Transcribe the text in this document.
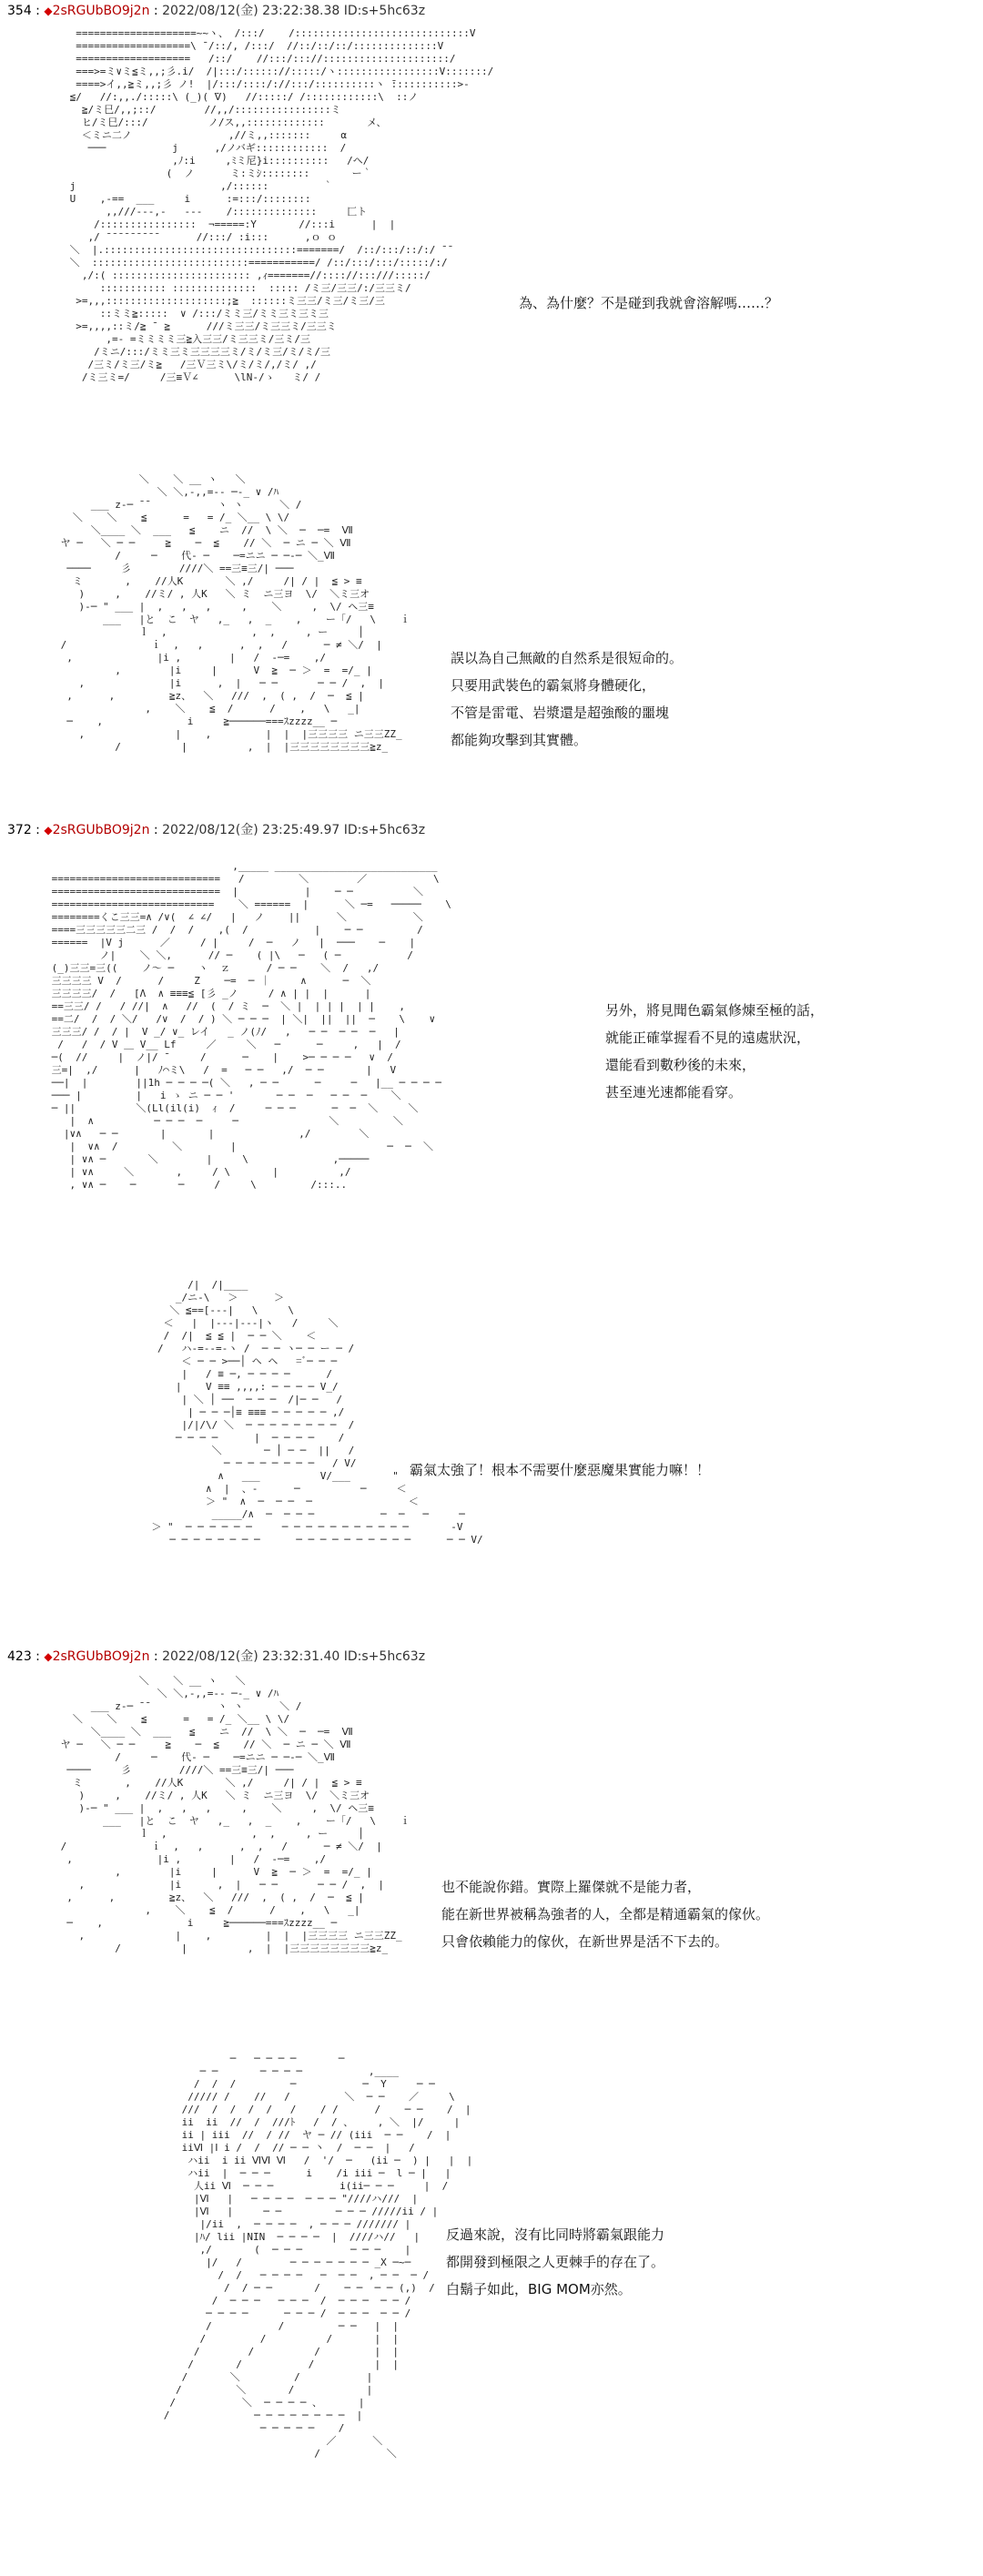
354 : ◆2sRGUbBO9j2n : 2022/08/12(金) 23:22:38.38 ID:s+5hc63z
====================~~ヽ、 /:::/    /:::::::::::::::::::::::::::::V
===================\ ̄ /::/, /:::/  //::/::/::/::::::::::::::V
===================   /::/    //:::/::://:::::::::::::::::::::/
===>=ミ∨ミ≦ミ,,;彡.i/  /|:::/:::::://:::::/ヽ:::::::::::::::::V:::::::/
====>イ,,≧ミ,,;彡 ノ!  |/:::/::::/://:::/::::::::::ヽ ̄:::::::::::>-
≦/   //:,,./:::::\ (_)( ̄Ⅴ)   //:::::/ /::::::::::::\  ::ノ
≧/ミ巳/,,;::/        //,,/::::::::::::::::ミ
ヒ/ミ巳/:::/          ノ/ス,,:::::::::::::       メ、
＜ミニ二ノ                ,//ミ,,:::::::     α
───           j      ,/ノバギ::::::::::::  /
,ﾉ:i     ,ﾐミ尼}i::::::::::   /ヘ/
(  ノ      ミ:ミｼ::::::::       ー｀
j                        ,/::::::         ｀
U    ,-==  ___     i      :=:::/::::::::
,,///---,-   ---    /::::::::::::::     匚ト
/::::::::::::::::  ¬=====:Y       //:::i      |  |
,/ ̄ ̄ ̄ ̄ ̄ ̄ ̄ ̄ ̄       //:::/ :i:::      ,ｏ ｏ
＼  |.::::::::::::::::::::::::::::::::=======/  /::/:::/::/:/ ̄ ̄
＼  ::::::::::::::::::::::::::===========/ /::/:::/:::/:::::/:/
,/:( ::::::::::::::::::::::: ,ｨ=======//:::://:::///:::::/
::::::::::: ::::::::::::::  ::::: /ミ三/三三/:/三三ミ/
>=,,,::::::::::::::::::::;≧  ::::::ミ三三/ミ三/ミ三/三
::ミミ≧:::::  ∨ /:::/ミミ三/ミミ三ミ三ミ三
>=,,,,::ミ/≧ ̄  ≧      ///ミ三三/ミ三三ミ/三三ミ
,=- =ミミミミ三≧入三三/ミ三三ミ/三ミ/三
/ミニ/:::/ミミ三ミ三三三三ミ/ミ/ミ三/ミ/ミ/三
/三ミ/ミ三/ミ≧   /三Ｖ三ミ\/ミ/ミ/,/ミ/ ,/
/ミ三ミ=/     /三≡Ｖ∠      \lN-/ゝ   ミ/ /
為、為什麼？不是碰到我就會溶解嗎……？
＼    ＼ __ ヽ   ＼
＼ ＼,-,,=-- ─-_ ∨ /ﾊ
___ z-─ ̄ ̄            ヽ ヽ      ＼ /
＼    ＼    ≦      =   = /_ ＼__ \ \/
＼____ ＼  ___   ≦    ニ  //  \ ＼  ─  ─=  Ⅶ
ヤ ─   ＼ ─ ─     ≧    ─  ≦    // ＼  ─ ニ ─ ＼ Ⅶ
/     ─    代‐ ─    ─=ニニ ─ ─‐─ ＼_Ⅶ
────     彡        ////＼ ==三≡三/| ───
ミ       ,    //人K       ＼ ,/     /| / |  ≦ > ≡
)     ,    //ミ/ , 人K   ＼ ミ  ニ三ヨ  \/  ＼ミ三オ
)-─ " ___ |  ,   ,   ,     ,    ＼     ,  \/ ヘ三≡
___   |と  こ  ヤ   ,_   ,  _    ,    ー「/   \    ｉ
ｌ  ,              ,  ,     , ー     │
/              ｉ  ,   ,      ,  ,   /      ─ ≠ ＼/  |
,              |i ,        |   /  -─=    ,/
,        |i     |      V  ≧  ─ ＞  =  =/_ |
,              |i      ,  |   ─ ─ 　    ─ ─ /  ,  |
,      ,         ≧z、  ＼   ///  ,  ( ,  /  ─  ≦ |
,    ＼    ≦  /      /    ,   \   _|
─    ,              i     ≧──────===ｽzzzz__ ─
,               |    ,         |  |  |三三三三 ニ三三ZZ_
/          |          ,  |  |三三三三三三三三≧z_
誤以為自己無敵的自然系是很短命的。
只要用武裝色的霸氣將身體硬化，
不管是雷電、岩漿還是超強酸的噩塊
都能夠攻擊到其實體。
372 : ◆2sRGUbBO9j2n : 2022/08/12(金) 23:25:49.97 ID:s+5hc63z
,_____ ___________________________
============================   /         ＼        ／           \
============================  |           |    ─ ─          ＼
===========================    ＼ ======  |      ＼ ─=   ─────    \
========くこ三三=∧ /∨(  ∠ ∠/   |   ノ    ||      ＼           ＼
====三三三三三二三 /  /  /    ,(  /           |    ─ ─         /
======  |V j      ／     / |     /  ─   ノ   |  ───    ─    |
ノ|    ＼ ＼,      // ─    ( |\   ─   ( ─           /
(_)三三=三((    ノ〜 ─    ヽ  ｚ      / ─ ─    ＼  /   ,/
三三三三 V  /      /     Z    ─=  ─ ｜     ∧      ─  ＼
三三三三/  /   [Λ  ∧ ≡≡≡≦ [彡 _ノ     / ∧ | |  |      |
==三三/ /   / //|  ∧   //  (  / ミ  ─  ＼ |  | | |  | |    ,
==二/  /  / ＼/   /∨  /  / ) ＼ ─ ─ ─  | ＼|  ||  ||  ─    \    ∨
三三三/ /  / |  V _/ ∨_ レイ   _ ノ(ﾉ/   ,   ─ ─  ─ ─  ─   |
/   /  / V ＿ V__ Lf     ／     ＼   ─      ─     ,   |  /
─(  //     |  ノ|/ ̄      /      ─    |    >─ ─ ─ ─   ∨  /
三=|  ,/      |   ﾉ⌒ミ\   /  =   ─ ─   ,/  ─ ─       |   V
──|  |        ||1h ─ ─ ─ ─( ＼   , ─ ─      ─     ─   |__ ─ ─ ─ ─
─── |         |   i ゝ ニ ─ ─ '       ─ ─  ─   ─ ─  ─    ＼
─ ||          ＼(Ll(il(i)  ｨ  /     ─ ─ ─      ─  ─  ＼     ＼
|  ∧          ─ ─ ─  ─     ─               ＼         ＼
|∨∧   ─ ─       |       |              ,/        ＼
|  ∨∧  /         ＼        |                         ─  ─  ＼
| ∨∧ ─       ＼        |     \              ,─────
| ∨∧     ＼       ,     / \       |          ,/
, ∨∧ ─    ─       ─     /     \         /:::..
另外，將見聞色霸氣修煉至極的話，
就能正確掌握看不見的遠處狀況，
還能看到數秒後的未來，
甚至連光速都能看穿。
/|  /|____
_/ニ-\   ＞      ＞
＼ ≦==[---|   \     \
＜   |  |---|---|ヽ   /     ＼
/  /|  ≦ ≦ |  ─ ─ ＼    ＜
/   ハ-=--=-ヽ /  ─ ─ ヽ─ ─ ー ─ /
＜ ─ ─ >──│ ヘ ヘ   =ﾞ─ ─ ─
|   / ≡ ─, ─ ─ ─ ─      /
|    V ≡≡ ,,,,: ─ ─ ─ ─ V_/
| ＼ │ ──  ─ ─ ─  /|─ ─   /
| ─ ─ ─│≡ ≡≡≡ ─ ─ ─ ─ ─ ,/
|/|/\/ ＼  ─ ─ ─ ─ ─ ─ ─ ─  /
─ ─ ─ ─      |  ─ ─ ─ ─    /
＼       ─ │ ─ ─  ||   /
─ ─ ─ ─ ─ ─ ─ ─   / V/
∧   ___          V/___       "
∧  |  、-      ─          ─     ＜
＞ "  ∧  ─  ─ ─  ─                ＜
_____/∧  ─  ─ ─ ─           ─  ─   ─     ─
＞ "  ─ ─ ─ ─ ─ ─     ─ ─ ─ ─ ─ ─ ─ ─ ─ ─ ─       -V
─ ─ ─ ─ ─ ─ ─ ─      ─ ─ ─ ─ ─ ─ ─ ─ ─ ─      ─ ─ V/
霸氣太強了！根本不需要什麼惡魔果實能力嘛！！
423 : ◆2sRGUbBO9j2n : 2022/08/12(金) 23:32:31.40 ID:s+5hc63z
＼    ＼ __ ヽ   ＼
＼ ＼,-,,=-- ─-_ ∨ /ﾊ
___ z-─ ̄ ̄            ヽ ヽ      ＼ /
＼    ＼    ≦      =   = /_ ＼__ \ \/
＼____ ＼  ___   ≦    ニ  //  \ ＼  ─  ─=  Ⅶ
ヤ ─   ＼ ─ ─     ≧    ─  ≦    // ＼  ─ ニ ─ ＼ Ⅶ
/     ─    代‐ ─    ─=ニニ ─ ─‐─ ＼_Ⅶ
────     彡        ////＼ ==三≡三/| ───
ミ       ,    //人K       ＼ ,/     /| / |  ≦ > ≡
)     ,    //ミ/ , 人K   ＼ ミ  ニ三ヨ  \/  ＼ミ三オ
)-─ " ___ |  ,   ,   ,     ,    ＼     ,  \/ ヘ三≡
___   |と  こ  ヤ   ,_   ,  _    ,    ー「/   \    ｉ
ｌ  ,              ,  ,     , ー     │
/              ｉ  ,   ,      ,  ,   /      ─ ≠ ＼/  |
,              |i ,        |   /  -─=    ,/
,        |i     |      V  ≧  ─ ＞  =  =/_ |
,              |i      ,  |   ─ ─ 　    ─ ─ /  ,  |
,      ,         ≧z、  ＼   ///  ,  ( ,  /  ─  ≦ |
,    ＼    ≦  /      /    ,   \   _|
─    ,              i     ≧──────===ｽzzzz__ ─
,               |    ,         |  |  |三三三三 ニ三三ZZ_
/          |          ,  |  |三三三三三三三三≧z_
也不能說你錯。實際上羅傑就不是能力者，
能在新世界被稱為強者的人，全都是精通霸氣的傢伙。
只會依賴能力的傢伙，在新世界是活不下去的。
─   ─ ─ ─ ─       ─
─ ─       ─ ─ ─ ─           ,____
/  /  /         ─           ─  Y     ─ ─
///// /    //   /         ＼  ─ ─    ／     \
///  /  /  /  /   /    / /      /    ─ ─    /  |
ii  ii  //  /  ///ﾄ   /  / 、    , ＼  |/     |
ii | iii  //  / //  ヤ ─ // (iii  ─ ─    /  |
iiⅥ |Ⅰ i /  /  // ─ ─ 丶  /  ─ ─  |   /
ハii  i ii ⅥⅥ Ⅵ   /  '/  ─   (ii ─  ) |   |  |
ハii  |  ─ ─ ─      i    /i iii ─  l ─ |   |
人ii Ⅵ  ─ ─ ─           i(ii─ ─ ─     |  /
|Ⅵ   |   ─ ─ ─ ─  ─ ─ ─ "////ハ///  |
|Ⅵ   |     ─ ─         ─ ─ ─ /////ii / |
|/ii  ,  ─ ─ ─ ─  , ─ ─ ─ /////// |
|ﾊ/ lii |NIN  ─ ─ ─ ─  |  ////ハ//   |
,/       (  ─ ─ ─        ─ ─ ─    |
|/   /        ─ ─ ─ ─ ─ ─ ─ _X ─~─
/  /   ─ ─ ─ ─   ─  ─ ─  , ─ ─  ─ /
/  / ─ ─       /    ─ ─  ─ ─ (,)  /
/  ─ ─ ─   ─ ─ ─  /  ─ ─ ─  ─ ─ /
─ ─ ─ ─      ─ ─ ─ /  ─ ─ ─  ─ ─ /
/           /         ─ ─   |  |
/         /          /       |  |
/        /          /         |  |
/       /           /          |  |
/       ＼         /           |
/         ＼       /            |
/           ＼  ─ ─ ─ ─ 、      |
/              ─ ─ ─ ─ ─ ─ ─ ─  |
─ ─ ─ ─ ─    /
／      ＼
/           ＼
反過來說，沒有比同時將霸氣跟能力
都開發到極限之人更棘手的存在了。
白鬍子如此，BIG MOM亦然。
